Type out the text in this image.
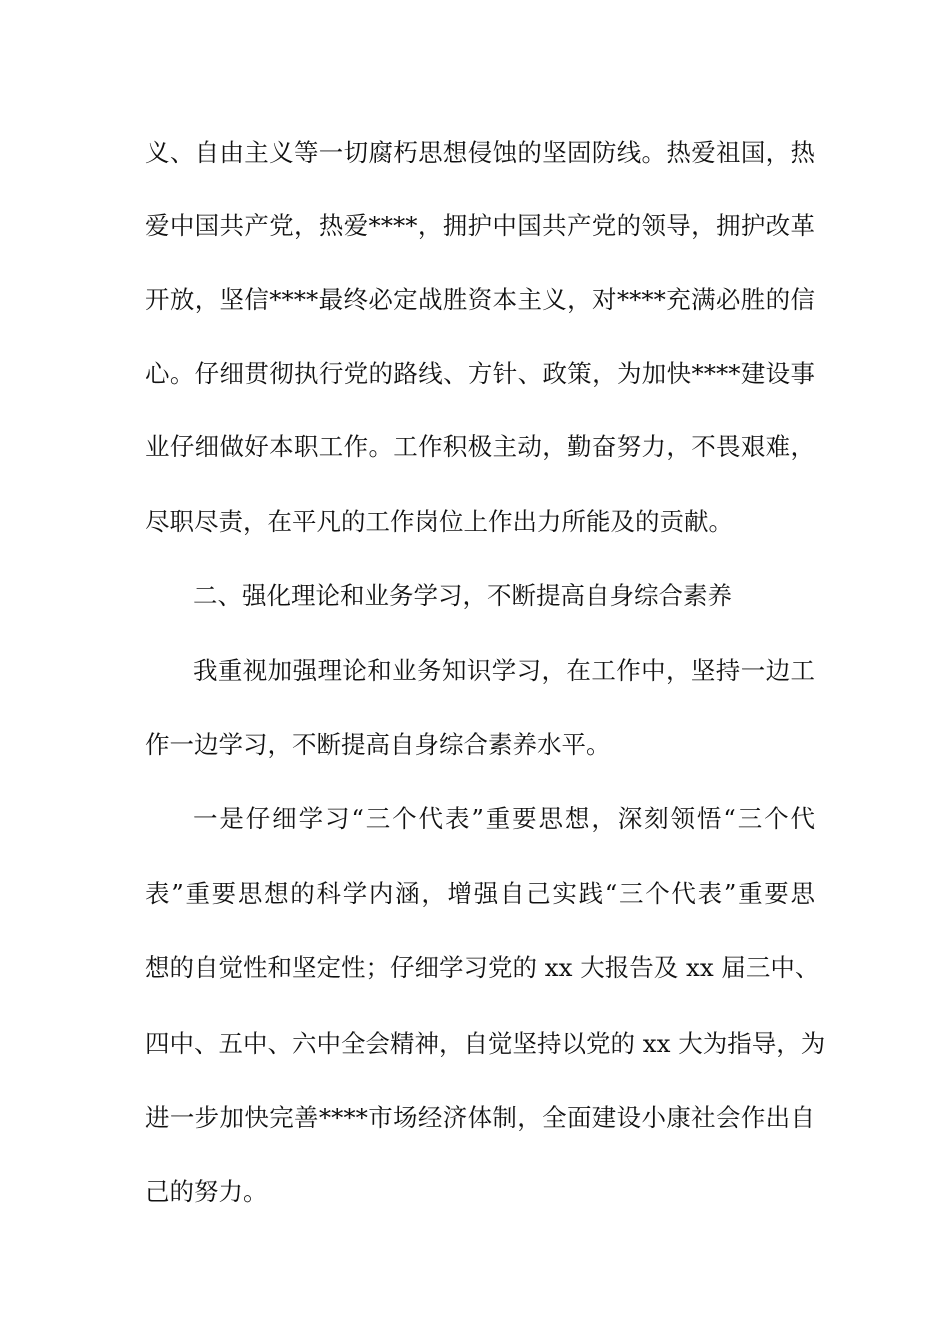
义、自由主义等一切腐朽思想侵蚀的坚固防线。热爱祖国，热
爱中国共产党，热爱****，拥护中国共产党的领导，拥护改革
开放，坚信****最终必定战胜资本主义，对****充满必胜的信
心。仔细贯彻执行党的路线、方针、政策，为加快****建设事
业仔细做好本职工作。工作积极主动，勤奋努力，不畏艰难，
尽职尽责，在平凡的工作岗位上作出力所能及的贡献。
二、强化理论和业务学习，不断提高自身综合素养
我重视加强理论和业务知识学习，在工作中，坚持一边工
作一边学习，不断提高自身综合素养水平。
一是仔细学习“三个代表”重要思想，深刻领悟“三个代
表”重要思想的科学内涵，增强自己实践“三个代表”重要思
想的自觉性和坚定性；仔细学习党的 xx 大报告及 xx 届三中、
四中、五中、六中全会精神，自觉坚持以党的 xx 大为指导，为
进一步加快完善****市场经济体制，全面建设小康社会作出自
己的努力。
